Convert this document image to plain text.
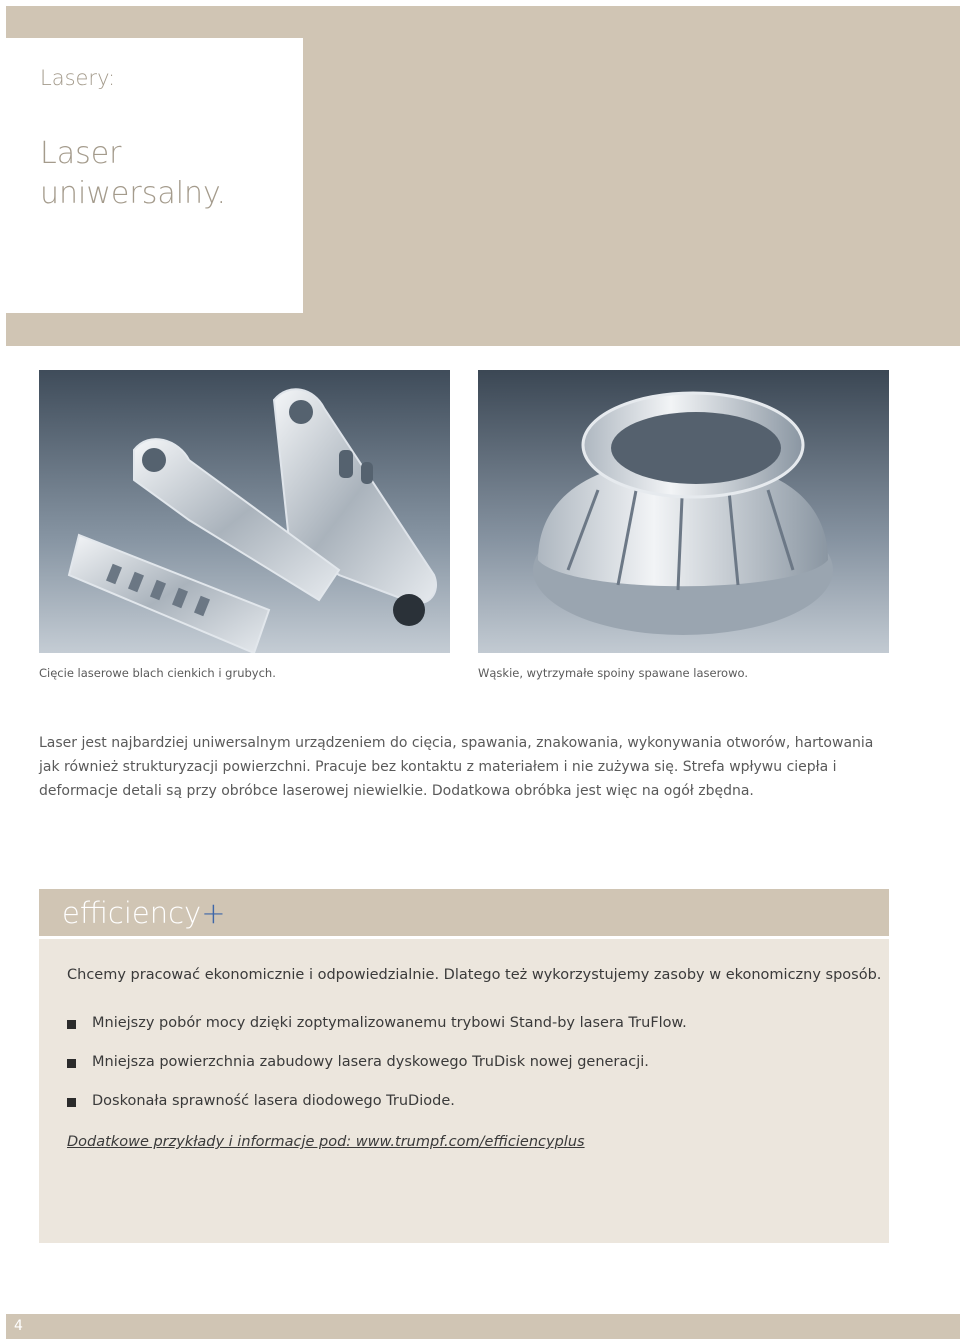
Lasery:
Laser uniwersalny.
Cięcie laserowe blach cienkich i grubych.	Wąskie, wytrzymałe spoiny spawane laserowo.
Laser jest najbardziej uniwersalnym urządzeniem do cięcia, spawania, znakowania, wykonywania otworów, hartowania jak również strukturyzacji powierzchni. Pracuje bez kontaktu z materiałem i nie zużywa się. Strefa wpływu ciepła i deformacje detali są przy obróbce laserowej niewielkie. Dodatkowa obróbka jest więc na ogół zbędna.
efficiency+
Chcemy pracować ekonomicznie i odpowiedzialnie. Dlatego też wykorzystujemy zasoby w ekonomiczny sposób.
Mniejszy pobór mocy dzięki zoptymalizowanemu trybowi Stand-by lasera TruFlow.
Mniejsza powierzchnia zabudowy lasera dyskowego TruDisk nowej generacji.
Doskonała sprawność lasera diodowego TruDiode.
Dodatkowe przykłady i informacje pod: www.trumpf.com/efficiencyplus
4
